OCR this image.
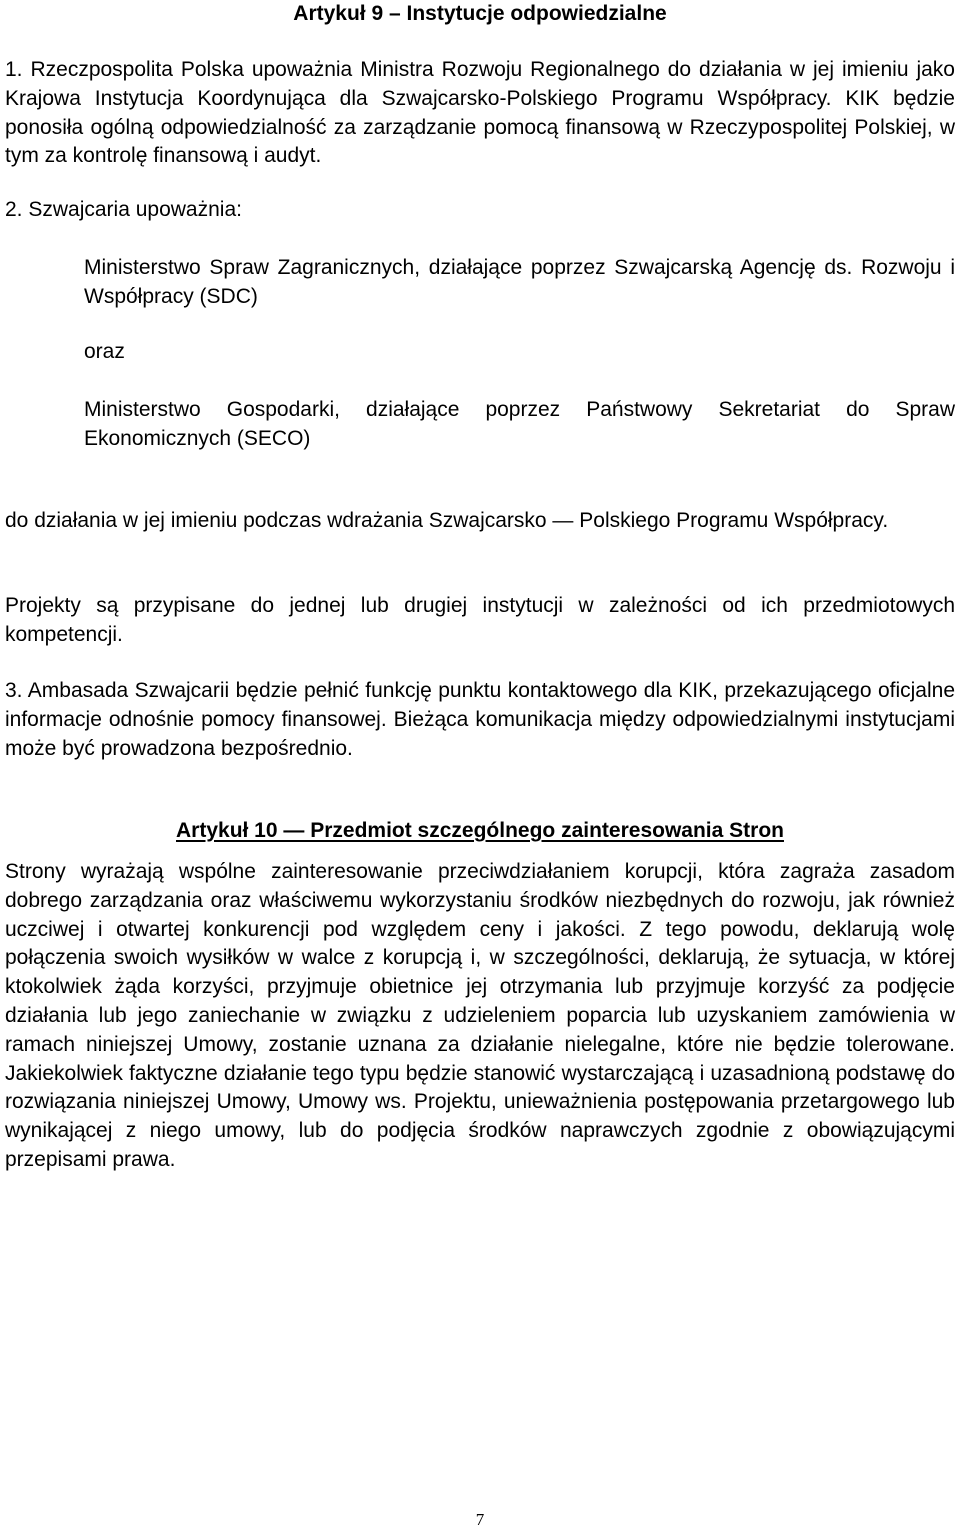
Artykuł 9 – Instytucje odpowiedzialne
1. Rzeczpospolita Polska upoważnia Ministra Rozwoju Regionalnego do działania w jej imieniu jako Krajowa Instytucja Koordynująca dla Szwajcarsko-Polskiego Programu Współpracy. KIK będzie ponosiła ogólną odpowiedzialność za zarządzanie pomocą finansową w Rzeczypospolitej Polskiej, w tym za kontrolę finansową i audyt.
2. Szwajcaria upoważnia:
Ministerstwo Spraw Zagranicznych, działające poprzez Szwajcarską Agencję ds. Rozwoju i Współpracy (SDC)
oraz
Ministerstwo Gospodarki, działające poprzez Państwowy Sekretariat do Spraw Ekonomicznych (SECO)
do działania w jej imieniu podczas wdrażania Szwajcarsko — Polskiego Programu Współpracy.
Projekty są przypisane do jednej lub drugiej instytucji w zależności od ich przedmiotowych kompetencji.
3. Ambasada Szwajcarii będzie pełnić funkcję punktu kontaktowego dla KIK, przekazującego oficjalne informacje odnośnie pomocy finansowej. Bieżąca komunikacja między odpowiedzialnymi instytucjami może być prowadzona bezpośrednio.
Artykuł 10 — Przedmiot szczególnego zainteresowania Stron
Strony wyrażają wspólne zainteresowanie przeciwdziałaniem korupcji, która zagraża zasadom dobrego zarządzania oraz właściwemu wykorzystaniu środków niezbędnych do rozwoju, jak również uczciwej i otwartej konkurencji pod względem ceny i jakości. Z tego powodu, deklarują wolę połączenia swoich wysiłków w walce z korupcją i, w szczególności, deklarują, że sytuacja, w której ktokolwiek żąda korzyści, przyjmuje obietnice jej otrzymania lub przyjmuje korzyść za podjęcie działania lub jego zaniechanie w związku z udzieleniem poparcia lub uzyskaniem zamówienia w ramach niniejszej Umowy, zostanie uznana za działanie nielegalne, które nie będzie tolerowane. Jakiekolwiek faktyczne działanie tego typu będzie stanowić wystarczającą i uzasadnioną podstawę do rozwiązania niniejszej Umowy, Umowy ws. Projektu, unieważnienia postępowania przetargowego lub wynikającej z niego umowy, lub do podjęcia środków naprawczych zgodnie z obowiązującymi przepisami prawa.
7
